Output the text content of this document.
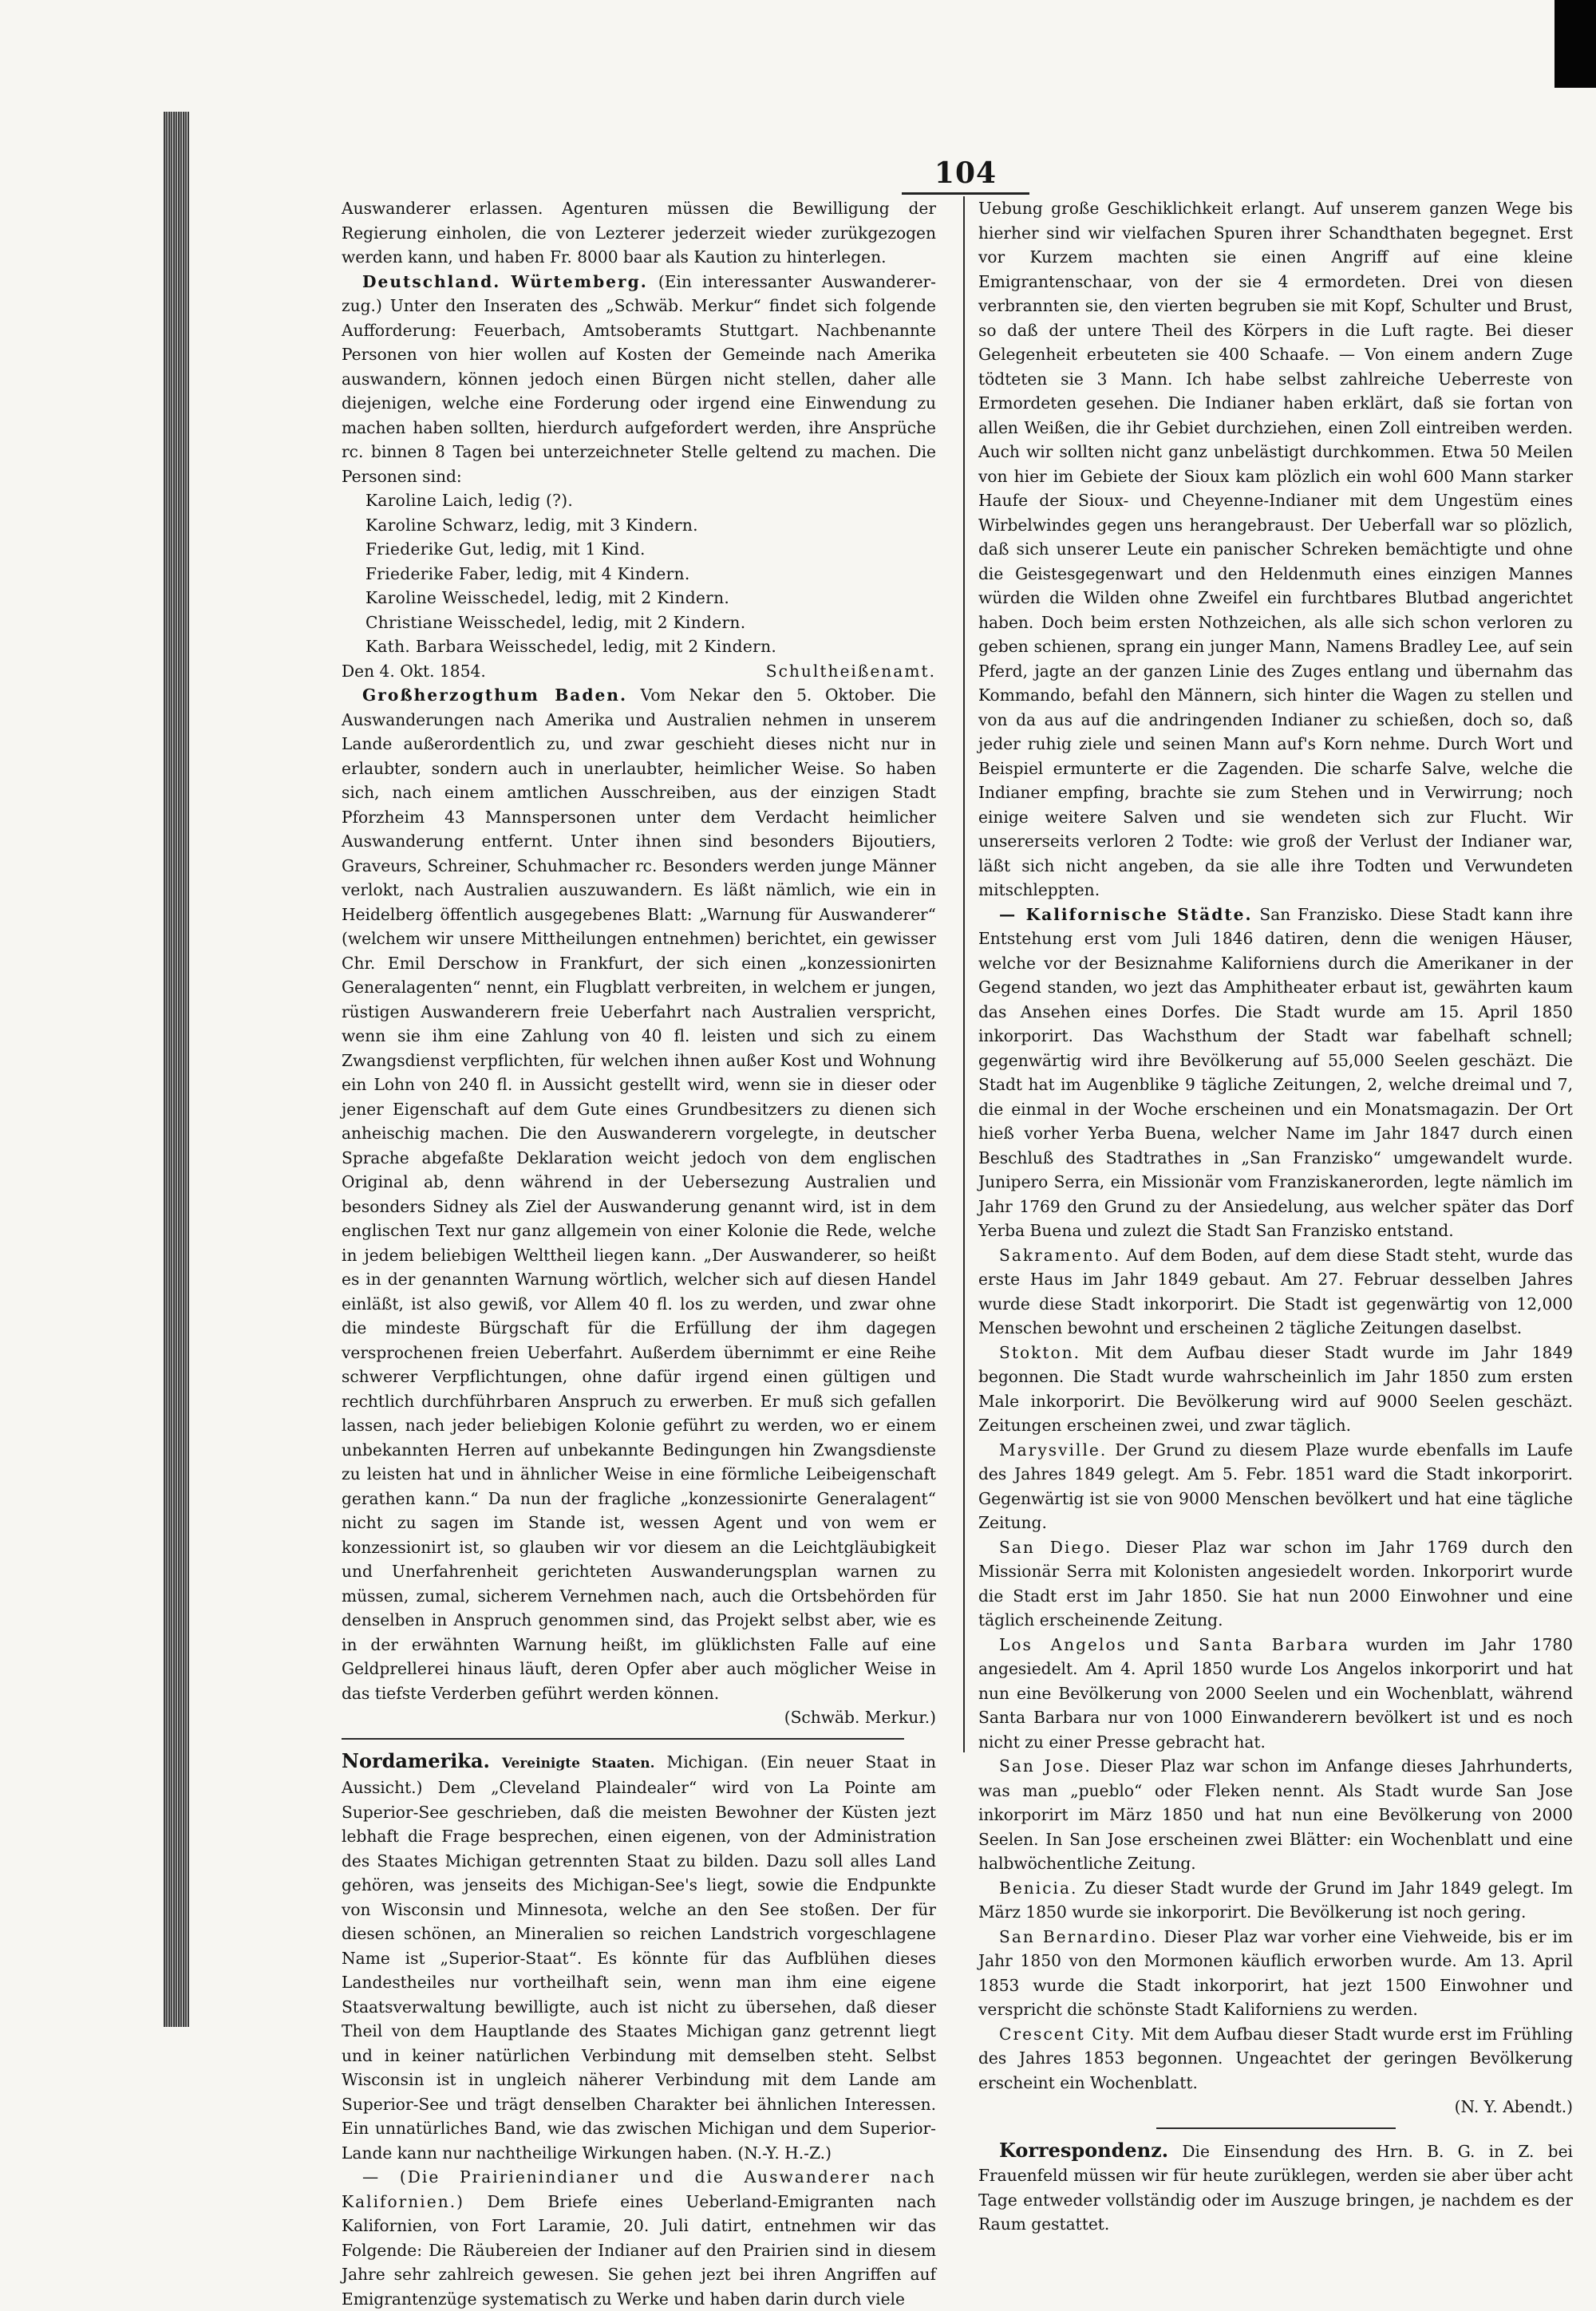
104

Auswanderer erlassen. Agenturen müssen die Bewilligung der Regierung einholen, die von Lezterer jederzeit wieder zurükgezogen werden kann, und haben Fr. 8000 baar als Kaution zu hinterlegen.

Deutschland. Würtemberg. (Ein interessanter Auswanderer-zug.) Unter den Inseraten des „Schwäb. Merkur“ findet sich folgende Aufforderung: Feuerbach, Amtsoberamts Stuttgart. Nachbenannte Personen von hier wollen auf Kosten der Gemeinde nach Amerika auswandern, können jedoch einen Bürgen nicht stellen, daher alle diejenigen, welche eine Forderung oder irgend eine Einwendung zu machen haben sollten, hierdurch aufgefordert werden, ihre Ansprüche rc. binnen 8 Tagen bei unterzeichneter Stelle geltend zu machen. Die Personen sind:

Karoline Laich, ledig (?).
Karoline Schwarz, ledig, mit 3 Kindern.
Friederike Gut, ledig, mit 1 Kind.
Friederike Faber, ledig, mit 4 Kindern.
Karoline Weisschedel, ledig, mit 2 Kindern.
Christiane Weisschedel, ledig, mit 2 Kindern.
Kath. Barbara Weisschedel, ledig, mit 2 Kindern.
Den 4. Okt. 1854.	Schultheißenamt.

Großherzogthum Baden. Vom Nekar den 5. Oktober. Die Auswanderungen nach Amerika und Australien nehmen in unserem Lande außerordentlich zu, und zwar geschieht dieses nicht nur in erlaubter, sondern auch in unerlaubter, heimlicher Weise. So haben sich, nach einem amtlichen Ausschreiben, aus der einzigen Stadt Pforzheim 43 Mannspersonen unter dem Verdacht heimlicher Auswanderung entfernt. Unter ihnen sind besonders Bijoutiers, Graveurs, Schreiner, Schuhmacher rc. Besonders werden junge Männer verlokt, nach Australien auszuwandern. Es läßt nämlich, wie ein in Heidelberg öffentlich ausgegebenes Blatt: „Warnung für Auswanderer“ (welchem wir unsere Mittheilungen entnehmen) berichtet, ein gewisser Chr. Emil Derschow in Frankfurt, der sich einen „konzessionirten Generalagenten“ nennt, ein Flugblatt verbreiten, in welchem er jungen, rüstigen Auswanderern freie Ueberfahrt nach Australien verspricht, wenn sie ihm eine Zahlung von 40 fl. leisten und sich zu einem Zwangsdienst verpflichten, für welchen ihnen außer Kost und Wohnung ein Lohn von 240 fl. in Aussicht gestellt wird, wenn sie in dieser oder jener Eigenschaft auf dem Gute eines Grundbesitzers zu dienen sich anheischig machen. Die den Auswanderern vorgelegte, in deutscher Sprache abgefaßte Deklaration weicht jedoch von dem englischen Original ab, denn während in der Uebersezung Australien und besonders Sidney als Ziel der Auswanderung genannt wird, ist in dem englischen Text nur ganz allgemein von einer Kolonie die Rede, welche in jedem beliebigen Welttheil liegen kann. „Der Auswanderer, so heißt es in der genannten Warnung wörtlich, welcher sich auf diesen Handel einläßt, ist also gewiß, vor Allem 40 fl. los zu werden, und zwar ohne die mindeste Bürgschaft für die Erfüllung der ihm dagegen versprochenen freien Ueberfahrt. Außerdem übernimmt er eine Reihe schwerer Verpflichtungen, ohne dafür irgend einen gültigen und rechtlich durchführbaren Anspruch zu erwerben. Er muß sich gefallen lassen, nach jeder beliebigen Kolonie geführt zu werden, wo er einem unbekannten Herren auf unbekannte Bedingungen hin Zwangsdienste zu leisten hat und in ähnlicher Weise in eine förmliche Leibeigenschaft gerathen kann.“ Da nun der fragliche „konzessionirte Generalagent“ nicht zu sagen im Stande ist, wessen Agent und von wem er konzessionirt ist, so glauben wir vor diesem an die Leichtgläubigkeit und Unerfahrenheit gerichteten Auswanderungsplan warnen zu müssen, zumal, sicherem Vernehmen nach, auch die Ortsbehörden für denselben in Anspruch genommen sind, das Projekt selbst aber, wie es in der erwähnten Warnung heißt, im glüklichsten Falle auf eine Geldprellerei hinaus läuft, deren Opfer aber auch möglicher Weise in das tiefste Verderben geführt werden können.

(Schwäb. Merkur.)

Nordamerika. Vereinigte Staaten. Michigan. (Ein neuer Staat in Aussicht.) Dem „Cleveland Plaindealer“ wird von La Pointe am Superior-See geschrieben, daß die meisten Bewohner der Küsten jezt lebhaft die Frage besprechen, einen eigenen, von der Administration des Staates Michigan getrennten Staat zu bilden. Dazu soll alles Land gehören, was jenseits des Michigan-See's liegt, sowie die Endpunkte von Wisconsin und Minnesota, welche an den See stoßen. Der für diesen schönen, an Mineralien so reichen Landstrich vorgeschlagene Name ist „Superior-Staat“. Es könnte für das Aufblühen dieses Landestheiles nur vortheilhaft sein, wenn man ihm eine eigene Staatsverwaltung bewilligte, auch ist nicht zu übersehen, daß dieser Theil von dem Hauptlande des Staates Michigan ganz getrennt liegt und in keiner natürlichen Verbindung mit demselben steht. Selbst Wisconsin ist in ungleich näherer Verbindung mit dem Lande am Superior-See und trägt denselben Charakter bei ähnlichen Interessen. Ein unnatürliches Band, wie das zwischen Michigan und dem Superior-Lande kann nur nachtheilige Wirkungen haben. (N.-Y. H.-Z.)

— (Die Prairienindianer und die Auswanderer nach Kalifornien.) Dem Briefe eines Ueberland-Emigranten nach Kalifornien, von Fort Laramie, 20. Juli datirt, entnehmen wir das Folgende: Die Räubereien der Indianer auf den Prairien sind in diesem Jahre sehr zahlreich gewesen. Sie gehen jezt bei ihren Angriffen auf Emigrantenzüge systematisch zu Werke und haben darin durch viele

Uebung große Geschiklichkeit erlangt. Auf unserem ganzen Wege bis hierher sind wir vielfachen Spuren ihrer Schandthaten begegnet. Erst vor Kurzem machten sie einen Angriff auf eine kleine Emigrantenschaar, von der sie 4 ermordeten. Drei von diesen verbrannten sie, den vierten begruben sie mit Kopf, Schulter und Brust, so daß der untere Theil des Körpers in die Luft ragte. Bei dieser Gelegenheit erbeuteten sie 400 Schaafe. — Von einem andern Zuge tödteten sie 3 Mann. Ich habe selbst zahlreiche Ueberreste von Ermordeten gesehen. Die Indianer haben erklärt, daß sie fortan von allen Weißen, die ihr Gebiet durchziehen, einen Zoll eintreiben werden. Auch wir sollten nicht ganz unbelästigt durchkommen. Etwa 50 Meilen von hier im Gebiete der Sioux kam plözlich ein wohl 600 Mann starker Haufe der Sioux- und Cheyenne-Indianer mit dem Ungestüm eines Wirbelwindes gegen uns herangebraust. Der Ueberfall war so plözlich, daß sich unserer Leute ein panischer Schreken bemächtigte und ohne die Geistesgegenwart und den Heldenmuth eines einzigen Mannes würden die Wilden ohne Zweifel ein furchtbares Blutbad angerichtet haben. Doch beim ersten Nothzeichen, als alle sich schon verloren zu geben schienen, sprang ein junger Mann, Namens Bradley Lee, auf sein Pferd, jagte an der ganzen Linie des Zuges entlang und übernahm das Kommando, befahl den Männern, sich hinter die Wagen zu stellen und von da aus auf die andringenden Indianer zu schießen, doch so, daß jeder ruhig ziele und seinen Mann auf's Korn nehme. Durch Wort und Beispiel ermunterte er die Zagenden. Die scharfe Salve, welche die Indianer empfing, brachte sie zum Stehen und in Verwirrung; noch einige weitere Salven und sie wendeten sich zur Flucht. Wir unsererseits verloren 2 Todte: wie groß der Verlust der Indianer war, läßt sich nicht angeben, da sie alle ihre Todten und Verwundeten mitschleppten.

— Kalifornische Städte. San Franzisko. Diese Stadt kann ihre Entstehung erst vom Juli 1846 datiren, denn die wenigen Häuser, welche vor der Besiznahme Kaliforniens durch die Amerikaner in der Gegend standen, wo jezt das Amphitheater erbaut ist, gewährten kaum das Ansehen eines Dorfes. Die Stadt wurde am 15. April 1850 inkorporirt. Das Wachsthum der Stadt war fabelhaft schnell; gegenwärtig wird ihre Bevölkerung auf 55,000 Seelen geschäzt. Die Stadt hat im Augenblike 9 tägliche Zeitungen, 2, welche dreimal und 7, die einmal in der Woche erscheinen und ein Monatsmagazin. Der Ort hieß vorher Yerba Buena, welcher Name im Jahr 1847 durch einen Beschluß des Stadtrathes in „San Franzisko“ umgewandelt wurde. Junipero Serra, ein Missionär vom Franziskanerorden, legte nämlich im Jahr 1769 den Grund zu der Ansiedelung, aus welcher später das Dorf Yerba Buena und zulezt die Stadt San Franzisko entstand.

Sakramento. Auf dem Boden, auf dem diese Stadt steht, wurde das erste Haus im Jahr 1849 gebaut. Am 27. Februar desselben Jahres wurde diese Stadt inkorporirt. Die Stadt ist gegenwärtig von 12,000 Menschen bewohnt und erscheinen 2 tägliche Zeitungen daselbst.

Stokton. Mit dem Aufbau dieser Stadt wurde im Jahr 1849 begonnen. Die Stadt wurde wahrscheinlich im Jahr 1850 zum ersten Male inkorporirt. Die Bevölkerung wird auf 9000 Seelen geschäzt. Zeitungen erscheinen zwei, und zwar täglich.

Marysville. Der Grund zu diesem Plaze wurde ebenfalls im Laufe des Jahres 1849 gelegt. Am 5. Febr. 1851 ward die Stadt inkorporirt. Gegenwärtig ist sie von 9000 Menschen bevölkert und hat eine tägliche Zeitung.

San Diego. Dieser Plaz war schon im Jahr 1769 durch den Missionär Serra mit Kolonisten angesiedelt worden. Inkorporirt wurde die Stadt erst im Jahr 1850. Sie hat nun 2000 Einwohner und eine täglich erscheinende Zeitung.

Los Angelos und Santa Barbara wurden im Jahr 1780 angesiedelt. Am 4. April 1850 wurde Los Angelos inkorporirt und hat nun eine Bevölkerung von 2000 Seelen und ein Wochenblatt, während Santa Barbara nur von 1000 Einwanderern bevölkert ist und es noch nicht zu einer Presse gebracht hat.

San Jose. Dieser Plaz war schon im Anfange dieses Jahrhunderts, was man „pueblo“ oder Fleken nennt. Als Stadt wurde San Jose inkorporirt im März 1850 und hat nun eine Bevölkerung von 2000 Seelen. In San Jose erscheinen zwei Blätter: ein Wochenblatt und eine halbwöchentliche Zeitung.

Benicia. Zu dieser Stadt wurde der Grund im Jahr 1849 gelegt. Im März 1850 wurde sie inkorporirt. Die Bevölkerung ist noch gering.

San Bernardino. Dieser Plaz war vorher eine Viehweide, bis er im Jahr 1850 von den Mormonen käuflich erworben wurde. Am 13. April 1853 wurde die Stadt inkorporirt, hat jezt 1500 Einwohner und verspricht die schönste Stadt Kaliforniens zu werden.

Crescent City. Mit dem Aufbau dieser Stadt wurde erst im Frühling des Jahres 1853 begonnen. Ungeachtet der geringen Bevölkerung erscheint ein Wochenblatt.

(N. Y. Abendt.)

Korrespondenz. Die Einsendung des Hrn. B. G. in Z. bei Frauenfeld müssen wir für heute zurüklegen, werden sie aber über acht Tage entweder vollständig oder im Auszuge bringen, je nachdem es der Raum gestattet.
